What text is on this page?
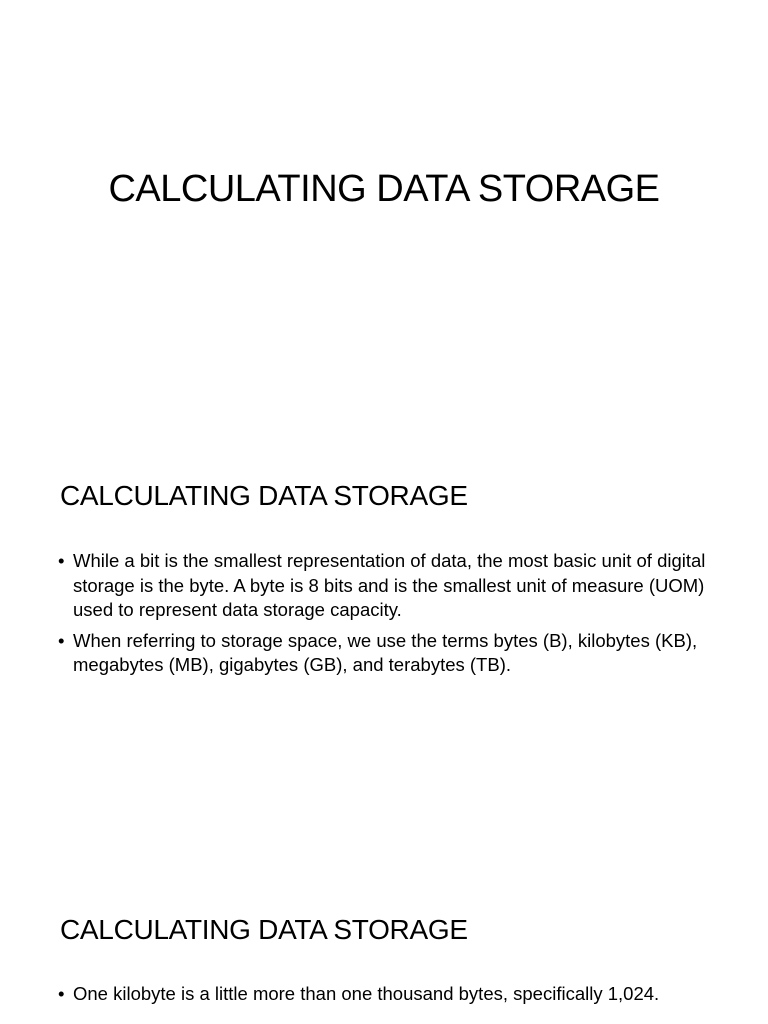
CALCULATING DATA STORAGE
CALCULATING DATA STORAGE
• While a bit is the smallest representation of data, the most basic unit of digital storage is the byte. A byte is 8 bits and is the smallest unit of measure (UOM) used to represent data storage capacity.
• When referring to storage space, we use the terms bytes (B), kilobytes (KB), megabytes (MB), gigabytes (GB), and terabytes (TB).
CALCULATING DATA STORAGE
• One kilobyte is a little more than one thousand bytes, specifically 1,024.
